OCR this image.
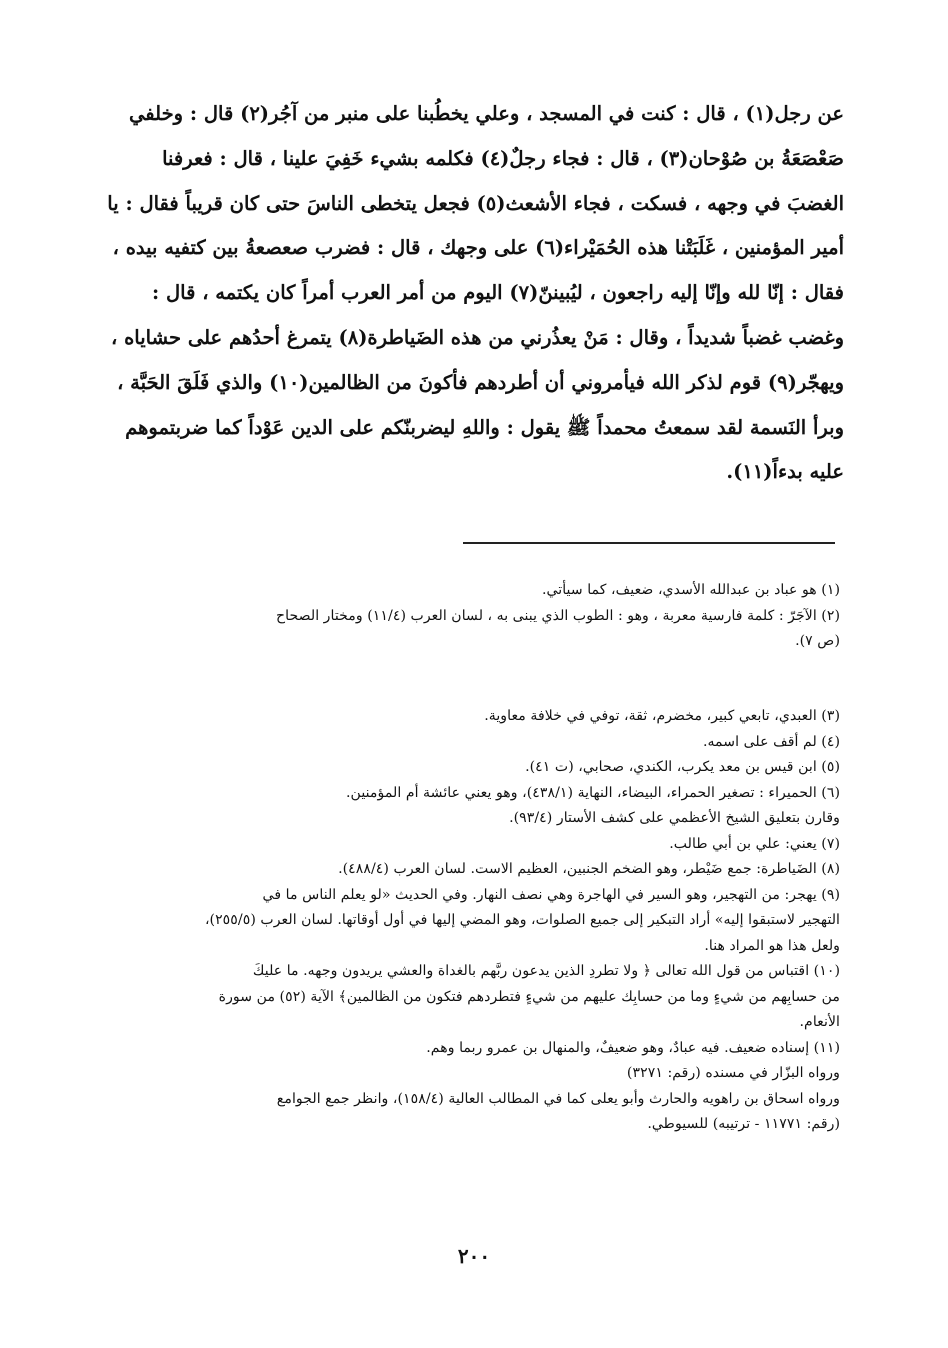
عن رجل(١) ، قال : كنت في المسجد ، وعلي يخطُبنا على منبر من آجُر(٢) قال : وخلفي
صَعْصَعَةُ بن صُوْحان(٣) ، قال : فجاء رجلٌ(٤) فكلمه بشيء خَفِيَ علينا ، قال : فعرفنا
الغضبَ في وجهه ، فسكت ، فجاء الأشعث(٥) فجعل يتخطى الناسَ حتى كان قريباً فقال : يا
أمير المؤمنين ، غَلَبَتْنا هذه الحُمَيْراء(٦) على وجهك ، قال : فضرب صعصعةُ بين كتفيه بيده ،
فقال : إنّا لله وإنّا إليه راجعون ، ليُبيننّ(٧) اليوم من أمر العرب أمراً كان يكتمه ، قال :
وغضب غضباً شديداً ، وقال : مَنْ يعذُرني من هذه الضَياطرة(٨) يتمرغ أحدُهم على حشاياه ،
ويهجّر(٩) قوم لذكر الله فيأمروني أن أطردهم فأكونَ من الظالمين(١٠) والذي فَلَقَ الحَبَّة ،
وبرأ النَسمة لقد سمعتُ محمداً ﷺ يقول : واللهِ ليضربنّكم على الدين عَوْداً كما ضربتموهم
عليه بدءاً(١١).
(١) هو عباد بن عبدالله الأسدي، ضعيف، كما سيأتي.
(٢) الآجَرّ : كلمة فارسية معربة ، وهو : الطوب الذي يبنى به ، لسان العرب (١١/٤) ومختار الصحاح
(ص ٧).
(٣) العبدي، تابعي كبير، مخضرم، ثقة، توفي في خلافة معاوية.
(٤) لم أقف على اسمه.
(٥) ابن قيس بن معد يكرب، الكندي، صحابي، (ت ٤١).
(٦) الحميراء : تصغير الحمراء، البيضاء، النهاية (٤٣٨/١)، وهو يعني عائشة أم المؤمنين.
وقارن بتعليق الشيخ الأعظمي على كشف الأستار (٩٣/٤).
(٧) يعني: علي بن أبي طالب.
(٨) الضَياطرة: جمع ضَيْطر، وهو الضخم الجنبين، العظيم الاست. لسان العرب (٤٨٨/٤).
(٩) يهجر: من التهجير، وهو السير في الهاجرة وهي نصف النهار. وفي الحديث «لو يعلم الناس ما في
التهجير لاستبقوا إليه» أراد التبكير إلى جميع الصلوات، وهو المضي إليها في أول أوقاتها. لسان العرب (٢٥٥/٥)،
ولعل هذا هو المراد هنا.
(١٠) اقتباس من قول الله تعالى ﴿ ولا تطردِ الذين يدعون ربَّهم بالغداة والعشي يريدون وجهه. ما عليكَ
من حسابِهم من شيءٍ وما من حسابِك عليهم من شيءٍ فتطردهم فتكون من الظالمين﴾ الآية (٥٢) من سورة
الأنعام.
(١١) إسناده ضعيف. فيه عبادٌ، وهو ضعيفٌ، والمنهال بن عمرو ربما وهم.
ورواه البزّار في مسنده (رقم: ٣٢٧١)
ورواه اسحاق بن راهويه والحارث وأبو يعلى كما في المطالب العالية (١٥٨/٤)، وانظر جمع الجوامع
(رقم: ١١٧٧١ - ترتيبه) للسيوطي.
٢٠٠
